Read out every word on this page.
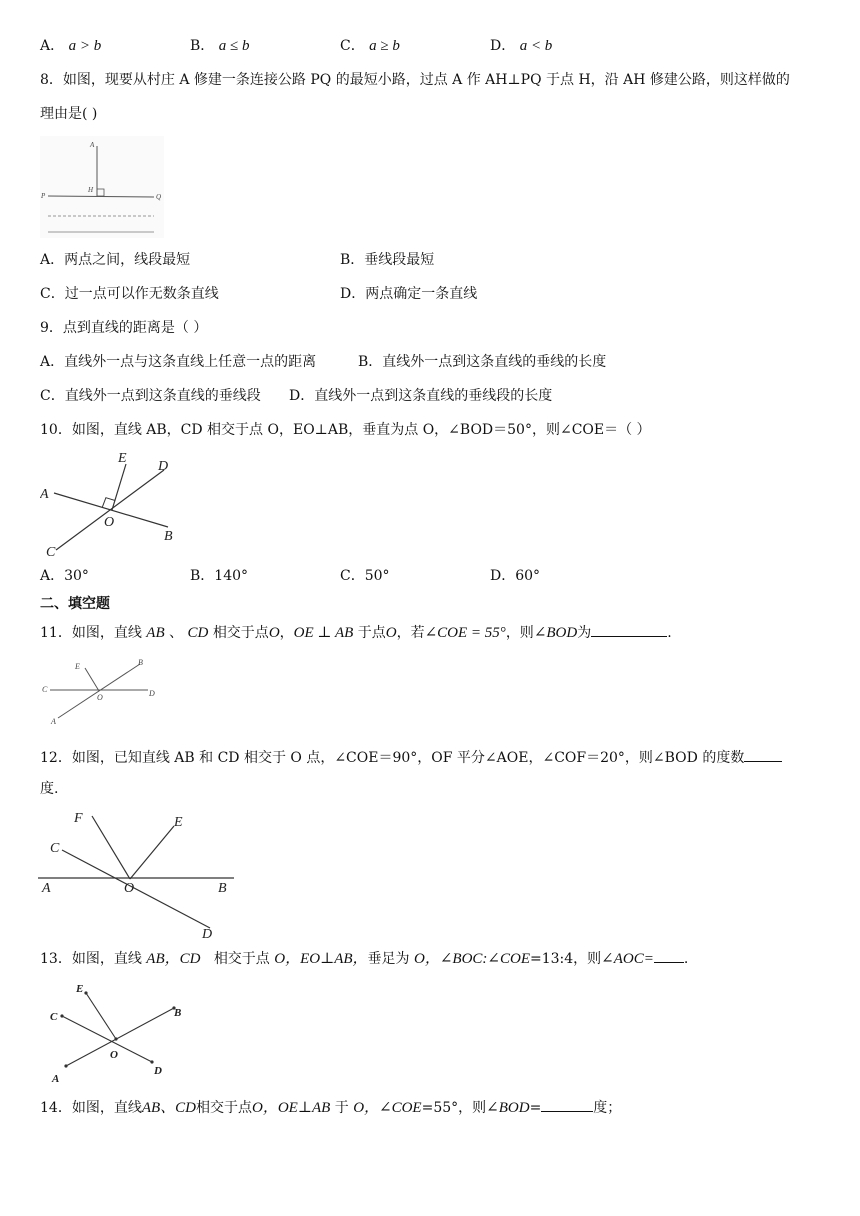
A． a > b	B． a ≤ b	C． a ≥ b	D． a < b
8．如图，现要从村庄 A 修建一条连接公路 PQ 的最短小路，过点 A 作 AH⊥PQ 于点 H，沿 AH 修建公路，则这样做的
理由是( )
A
H
P	Q
A．两点之间，线段最短	B．垂线段最短
C．过一点可以作无数条直线	D．两点确定一条直线
9．点到直线的距离是（ ）
A．直线外一点与这条直线上任意一点的距离	B．直线外一点到这条直线的垂线的长度
C．直线外一点到这条直线的垂线段 D．直线外一点到这条直线的垂线段的长度
10．如图，直线 AB，CD 相交于点 O，EO⊥AB，垂直为点 O，∠BOD＝50°，则∠COE＝（ ）
A
B
C
D
E
O
A．30°	B．140°	C．50°	D．60°
二、填空题
11．如图，直线 AB 、 CD 相交于点O，OE ⊥ AB 于点O，若∠COE = 55°，则∠BOD为	.
E	B
C	D
O
A
12．如图，已知直线 AB 和 CD 相交于 O 点，∠COE＝90°，OF 平分∠AOE，∠COF＝20°，则∠BOD 的度数
度.
F	E
C
A	O	B
D
13．如图，直线 AB，CD 相交于点 O，EO⊥AB，垂足为 O，∠BOC:∠COE=13:4，则∠AOC= .
E
C	B
O
D
A
14．如图，直线AB、CD相交于点O，OE⊥AB 于 O，∠COE=55°，则∠BOD=	度；
